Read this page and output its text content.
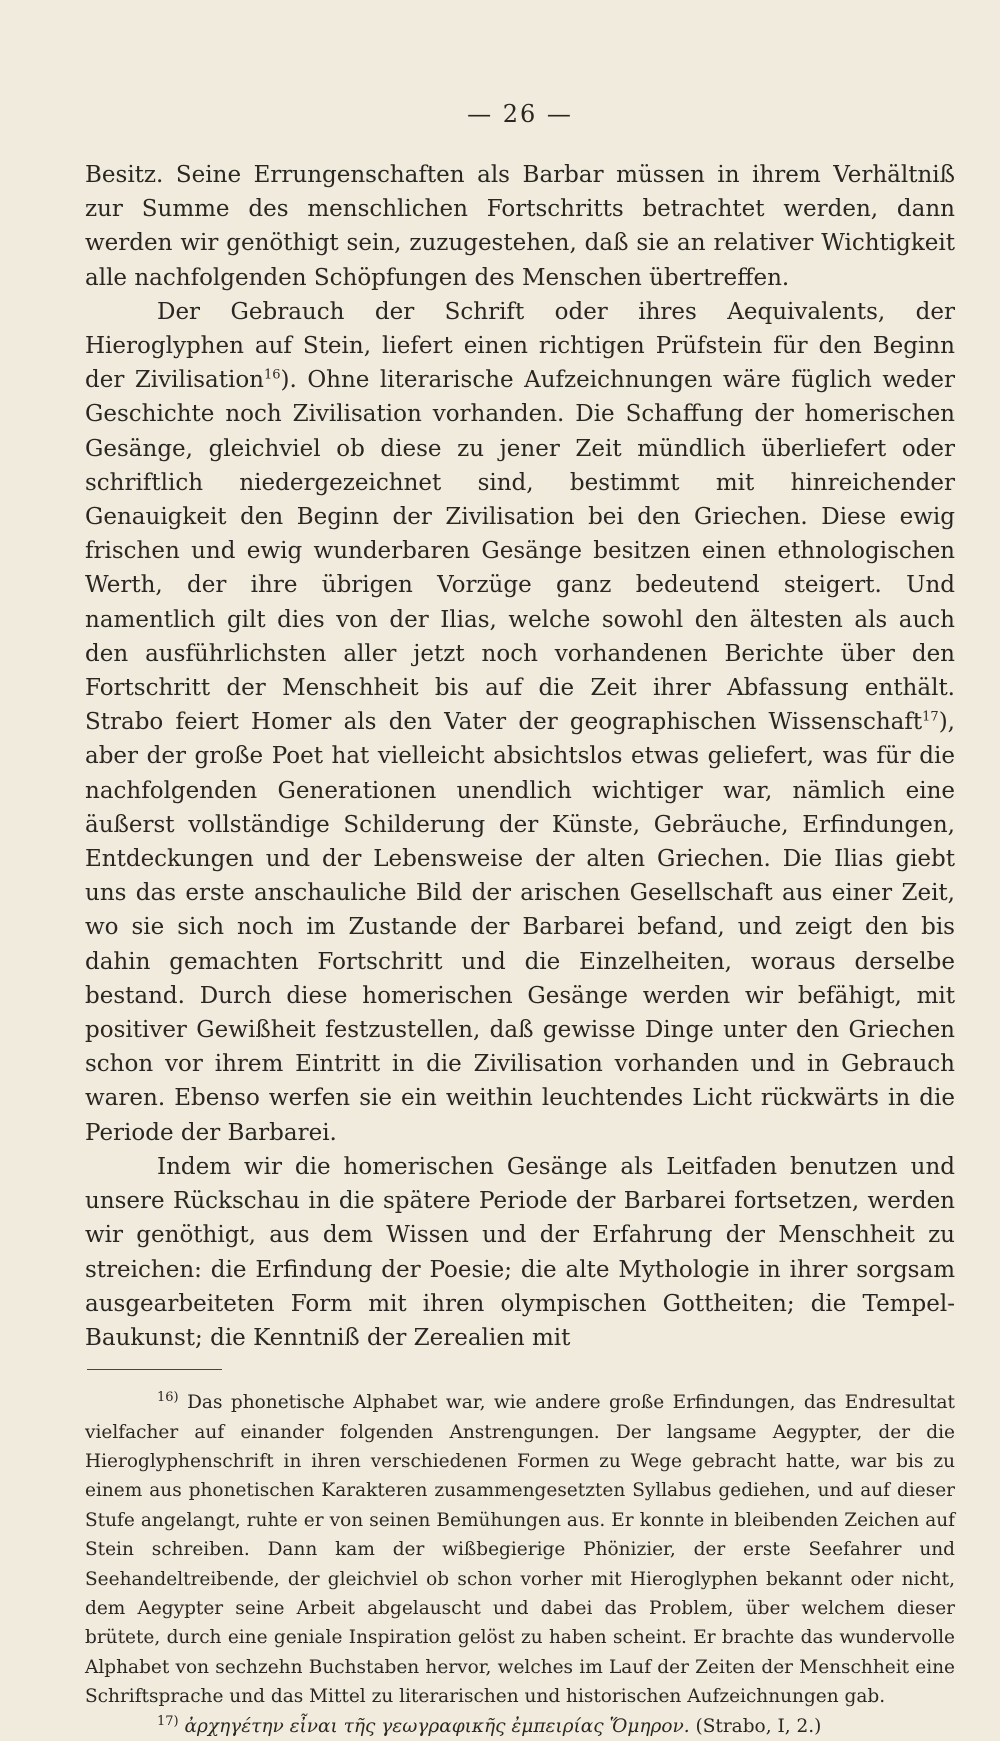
— 26 —

Besitz. Seine Errungenschaften als Barbar müssen in ihrem Verhältniß zur Summe des menschlichen Fortschritts betrachtet werden, dann werden wir genöthigt sein, zuzugestehen, daß sie an relativer Wichtigkeit alle nachfolgenden Schöpfungen des Menschen übertreffen.

Der Gebrauch der Schrift oder ihres Aequivalents, der Hieroglyphen auf Stein, liefert einen richtigen Prüfstein für den Beginn der Zivilisation$^{16}$). Ohne literarische Aufzeichnungen wäre füglich weder Geschichte noch Zivilisation vorhanden. Die Schaffung der homerischen Gesänge, gleichviel ob diese zu jener Zeit mündlich überliefert oder schriftlich niedergezeichnet sind, bestimmt mit hinreichender Genauigkeit den Beginn der Zivilisation bei den Griechen. Diese ewig frischen und ewig wunderbaren Gesänge besitzen einen ethnologischen Werth, der ihre übrigen Vorzüge ganz bedeutend steigert. Und namentlich gilt dies von der Ilias, welche sowohl den ältesten als auch den ausführlichsten aller jetzt noch vorhandenen Berichte über den Fortschritt der Menschheit bis auf die Zeit ihrer Abfassung enthält. Strabo feiert Homer als den Vater der geographischen Wissenschaft$^{17}$), aber der große Poet hat vielleicht absichtslos etwas geliefert, was für die nachfolgenden Generationen unendlich wichtiger war, nämlich eine äußerst vollständige Schilderung der Künste, Gebräuche, Erfindungen, Entdeckungen und der Lebensweise der alten Griechen. Die Ilias giebt uns das erste anschauliche Bild der arischen Gesellschaft aus einer Zeit, wo sie sich noch im Zustande der Barbarei befand, und zeigt den bis dahin gemachten Fortschritt und die Einzelheiten, woraus derselbe bestand. Durch diese homerischen Gesänge werden wir befähigt, mit positiver Gewißheit festzustellen, daß gewisse Dinge unter den Griechen schon vor ihrem Eintritt in die Zivilisation vorhanden und in Gebrauch waren. Ebenso werfen sie ein weithin leuchtendes Licht rückwärts in die Periode der Barbarei.

Indem wir die homerischen Gesänge als Leitfaden benutzen und unsere Rückschau in die spätere Periode der Barbarei fortsetzen, werden wir genöthigt, aus dem Wissen und der Erfahrung der Menschheit zu streichen: die Erfindung der Poesie; die alte Mythologie in ihrer sorgsam ausgearbeiteten Form mit ihren olympischen Gottheiten; die Tempel-Baukunst; die Kenntniß der Zerealien mit

$^{16)}$ Das phonetische Alphabet war, wie andere große Erfindungen, das Endresultat vielfacher auf einander folgenden Anstrengungen. Der langsame Aegypter, der die Hieroglyphenschrift in ihren verschiedenen Formen zu Wege gebracht hatte, war bis zu einem aus phonetischen Karakteren zusammengesetzten Syllabus gediehen, und auf dieser Stufe angelangt, ruhte er von seinen Bemühungen aus. Er konnte in bleibenden Zeichen auf Stein schreiben. Dann kam der wißbegierige Phönizier, der erste Seefahrer und Seehandeltreibende, der gleichviel ob schon vorher mit Hieroglyphen bekannt oder nicht, dem Aegypter seine Arbeit abgelauscht und dabei das Problem, über welchem dieser brütete, durch eine geniale Inspiration gelöst zu haben scheint. Er brachte das wundervolle Alphabet von sechzehn Buchstaben hervor, welches im Lauf der Zeiten der Menschheit eine Schriftsprache und das Mittel zu literarischen und historischen Aufzeichnungen gab.

$^{17)}$ ἀρχηγέτην εἶναι τῆς γεωγραφικῆς ἐμπειρίας Ὅμηρον. (Strabo, I, 2.)
